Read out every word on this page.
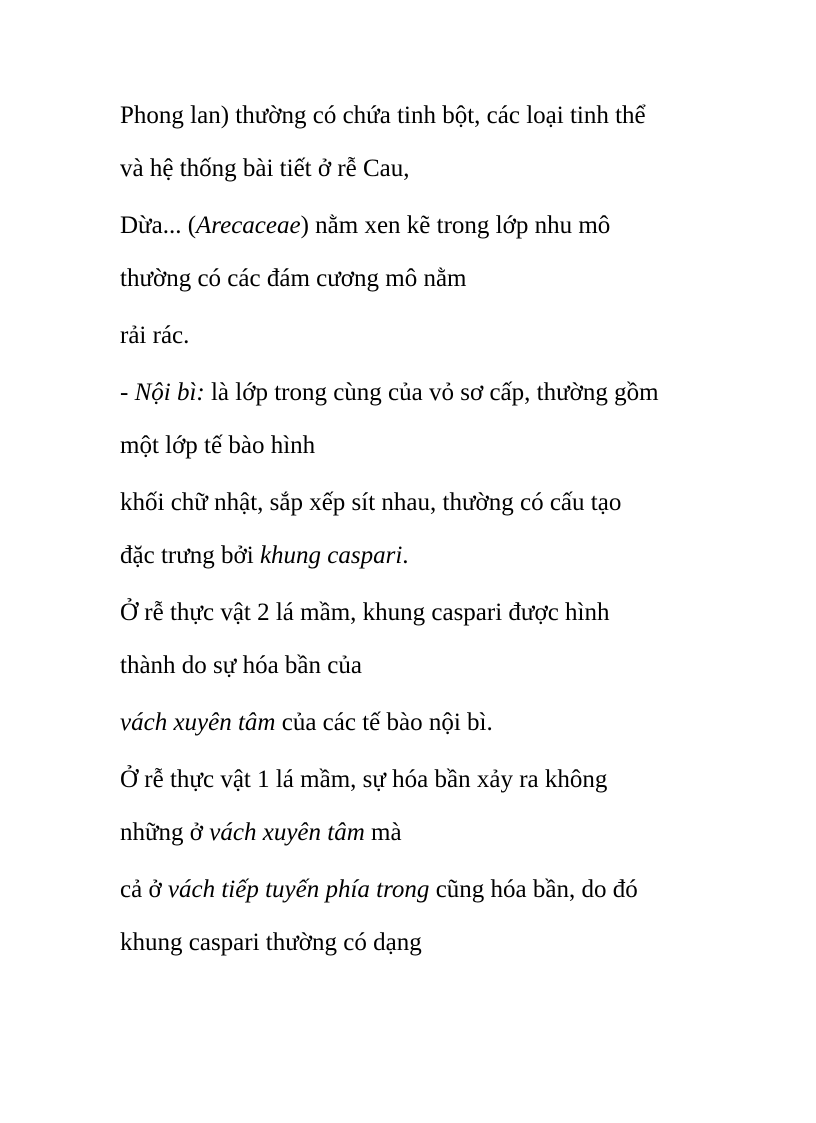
Phong lan) thường có chứa tinh bột, các loại tinh thể
và hệ thống bài tiết ở rễ Cau,
Dừa... (Arecaceae) nằm xen kẽ trong lớp nhu mô
thường có các đám cương mô nằm
rải rác.
- Nội bì: là lớp trong cùng của vỏ sơ cấp, thường gồm
một lớp tế bào hình
khối chữ nhật, sắp xếp sít nhau, thường có cấu tạo
đặc trưng bởi khung caspari.
Ở rễ thực vật 2 lá mầm, khung caspari được hình
thành do sự hóa bần của
vách xuyên tâm của các tế bào nội bì.
Ở rễ thực vật 1 lá mầm, sự hóa bần xảy ra không
những ở vách xuyên tâm mà
cả ở vách tiếp tuyến phía trong cũng hóa bần, do đó
khung caspari thường có dạng
